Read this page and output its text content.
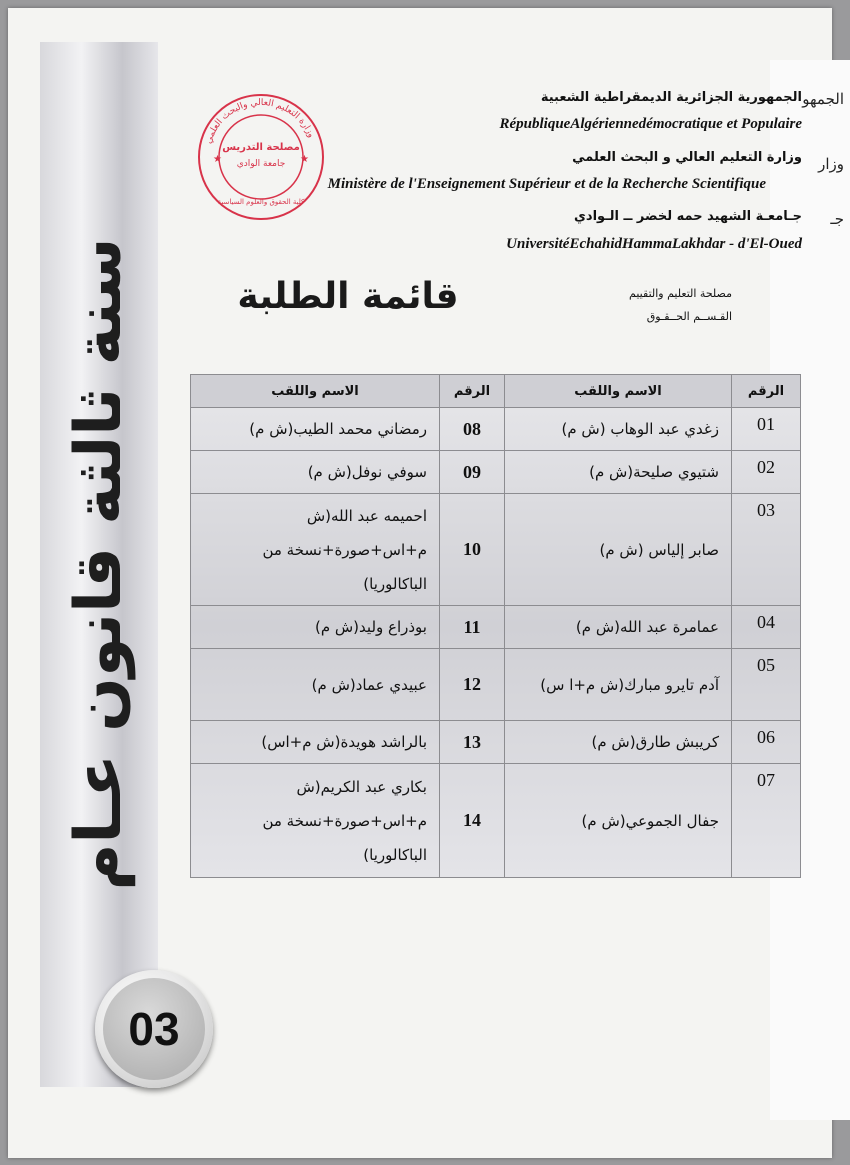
الجمهو
وزار
جـ
سنة ثالثة قانون عـام
03
وزارة التعليم العالي والبحث العلمي
مصلحة التدريس
جامعة الوادي
كلية الحقوق والعلوم السياسية
★	★
الجمهورية الجزائرية الديمقراطية الشعبية
RépubliqueAlgériennedémocratique et Populaire
وزارة التعليم العالي و البحث العلمي
Ministère de l'Enseignement Supérieur et de la Recherche Scientifique
جـامعـة الشهيد حمه لخضر ــ الـوادي
UniversitéEchahidHammaLakhdar - d'El-Oued
مصلحة التعليم والتقييم
القـســم الحــقـوق
قائمة الطلبة
الرقم	الاسم واللقب	الرقم	الاسم واللقب
01	زغدي عبد الوهاب (ش م)	08	رمضاني محمد الطيب(ش م)
02	شتيوي صليحة(ش م)	09	سوفي نوفل(ش م)
03	صابر إلياس (ش م)	10	احميمه عبد الله(ش م+اس+صورة+نسخة من الباكالوريا)
04	عمامرة عبد الله(ش م)	11	بوذراع وليد(ش م)
05	آدم تايرو مبارك(ش م+ا س)	12	عبيدي عماد(ش م)
06	كريبش طارق(ش م)	13	بالراشد هويدة(ش م+اس)
07	جفال الجموعي(ش م)	14	بكاري عبد الكريم(ش م+اس+صورة+نسخة من الباكالوريا)
